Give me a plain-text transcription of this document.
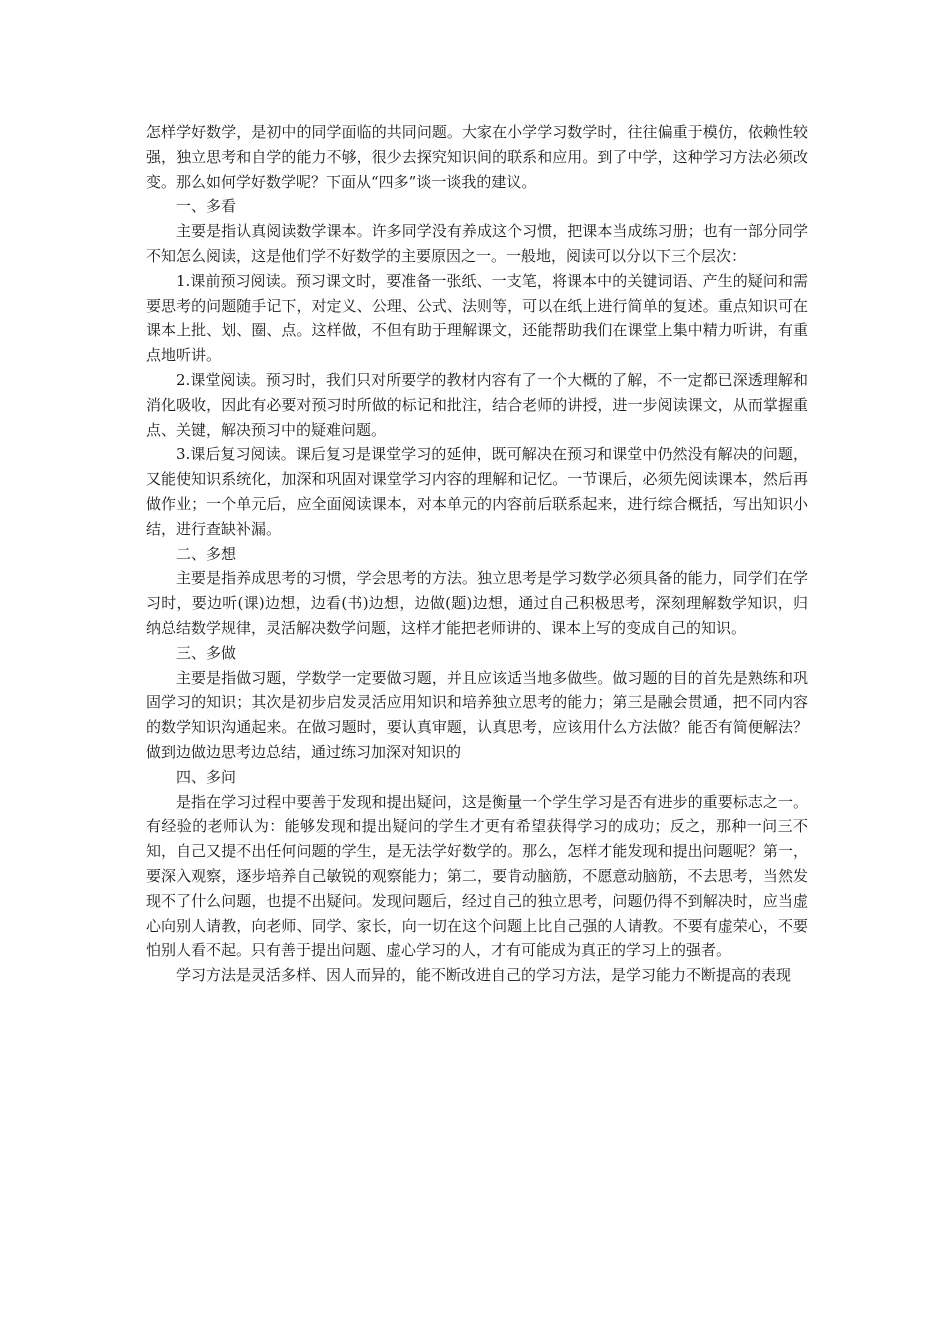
怎样学好数学，是初中的同学面临的共同问题。大家在小学学习数学时，往往偏重于模仿，依赖性较强，独立思考和自学的能力不够，很少去探究知识间的联系和应用。到了中学，这种学习方法必须改变。那么如何学好数学呢？下面从“四多”谈一谈我的建议。

一、多看

主要是指认真阅读数学课本。许多同学没有养成这个习惯，把课本当成练习册；也有一部分同学不知怎么阅读，这是他们学不好数学的主要原因之一。一般地，阅读可以分以下三个层次：

1.课前预习阅读。预习课文时，要准备一张纸、一支笔，将课本中的关键词语、产生的疑问和需要思考的问题随手记下，对定义、公理、公式、法则等，可以在纸上进行简单的复述。重点知识可在课本上批、划、圈、点。这样做，不但有助于理解课文，还能帮助我们在课堂上集中精力听讲，有重点地听讲。

2.课堂阅读。预习时，我们只对所要学的教材内容有了一个大概的了解，不一定都已深透理解和消化吸收，因此有必要对预习时所做的标记和批注，结合老师的讲授，进一步阅读课文，从而掌握重点、关键，解决预习中的疑难问题。

3.课后复习阅读。课后复习是课堂学习的延伸，既可解决在预习和课堂中仍然没有解决的问题，又能使知识系统化，加深和巩固对课堂学习内容的理解和记忆。一节课后，必须先阅读课本，然后再做作业；一个单元后，应全面阅读课本，对本单元的内容前后联系起来，进行综合概括，写出知识小结，进行查缺补漏。

二、多想

主要是指养成思考的习惯，学会思考的方法。独立思考是学习数学必须具备的能力，同学们在学习时，要边听(课)边想，边看(书)边想，边做(题)边想，通过自己积极思考，深刻理解数学知识，归纳总结数学规律，灵活解决数学问题，这样才能把老师讲的、课本上写的变成自己的知识。

三、多做

主要是指做习题，学数学一定要做习题，并且应该适当地多做些。做习题的目的首先是熟练和巩固学习的知识；其次是初步启发灵活应用知识和培养独立思考的能力；第三是融会贯通，把不同内容的数学知识沟通起来。在做习题时，要认真审题，认真思考，应该用什么方法做？能否有简便解法？做到边做边思考边总结，通过练习加深对知识的

四、多问

是指在学习过程中要善于发现和提出疑问，这是衡量一个学生学习是否有进步的重要标志之一。有经验的老师认为：能够发现和提出疑问的学生才更有希望获得学习的成功；反之，那种一问三不知，自己又提不出任何问题的学生，是无法学好数学的。那么，怎样才能发现和提出问题呢？第一，要深入观察，逐步培养自己敏锐的观察能力；第二，要肯动脑筋，不愿意动脑筋，不去思考，当然发现不了什么问题，也提不出疑问。发现问题后，经过自己的独立思考，问题仍得不到解决时，应当虚心向别人请教，向老师、同学、家长，向一切在这个问题上比自己强的人请教。不要有虚荣心，不要怕别人看不起。只有善于提出问题、虚心学习的人，才有可能成为真正的学习上的强者。

学习方法是灵活多样、因人而异的，能不断改进自己的学习方法，是学习能力不断提高的表现
